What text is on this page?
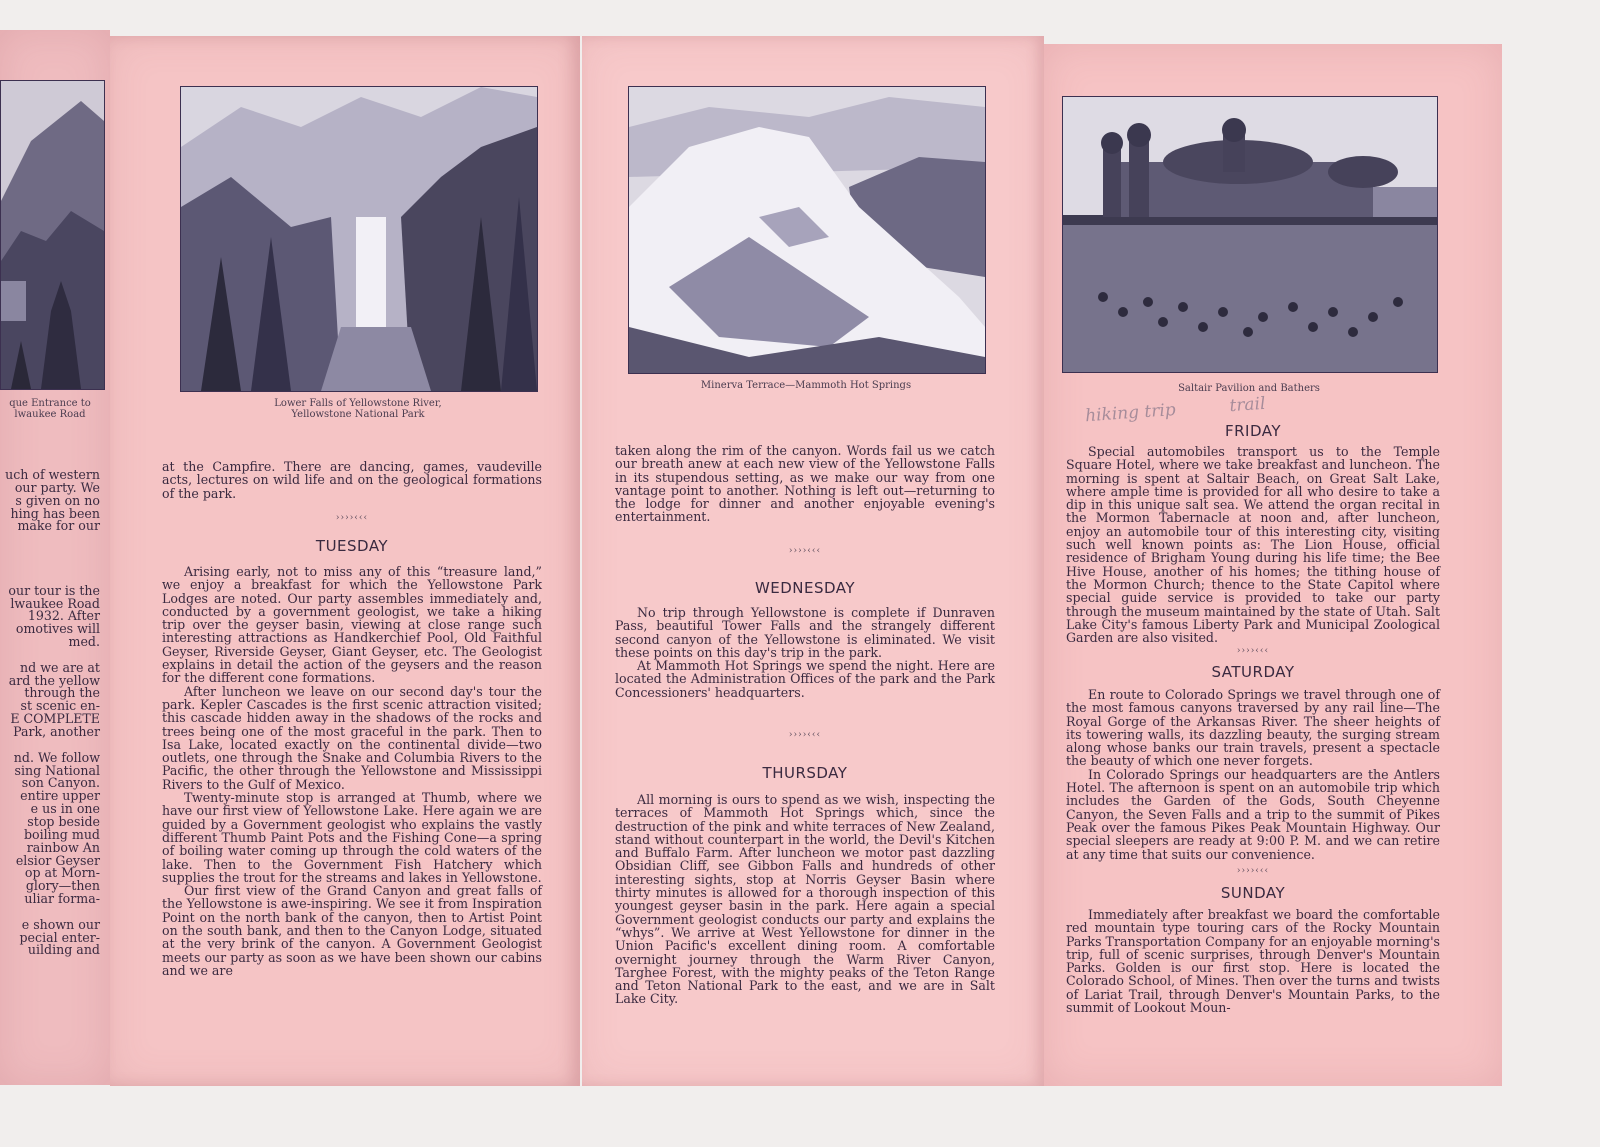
que Entrance to
lwaukee Road
uch of western
our party. We
s given on no
hing has been
make for our
our tour is the
lwaukee Road
1932. After
omotives will
med.
nd we are at
ard the yellow
through the
st scenic en-
E COMPLETE
Park, another
nd. We follow
sing National
son Canyon.
entire upper
e us in one
stop beside
boiling mud
rainbow An
elsior Geyser
op at Morn-
glory—then
uliar forma-
e shown our
pecial enter-
uilding and
Lower Falls of Yellowstone River,
Yellowstone National Park

at the Campfire. There are dancing, games, vaudeville acts, lectures on wild life and on the geological formations of the park.

››››‹‹‹
TUESDAY

Arising early, not to miss any of this “treasure land,” we enjoy a breakfast for which the Yellowstone Park Lodges are noted. Our party assembles immediately and, conducted by a government geologist, we take a hiking trip over the geyser basin, viewing at close range such interesting attractions as Handkerchief Pool, Old Faithful Geyser, Riverside Geyser, Giant Geyser, etc. The Geologist explains in detail the action of the geysers and the reason for the different cone formations.

After luncheon we leave on our second day's tour the park. Kepler Cascades is the first scenic attraction visited; this cascade hidden away in the shadows of the rocks and trees being one of the most graceful in the park. Then to Isa Lake, located exactly on the continental divide—two outlets, one through the Snake and Columbia Rivers to the Pacific, the other through the Yellowstone and Mississippi Rivers to the Gulf of Mexico.

Twenty-minute stop is arranged at Thumb, where we have our first view of Yellowstone Lake. Here again we are guided by a Government geologist who explains the vastly different Thumb Paint Pots and the Fishing Cone—a spring of boiling water coming up through the cold waters of the lake. Then to the Government Fish Hatchery which supplies the trout for the streams and lakes in Yellowstone.

Our first view of the Grand Canyon and great falls of the Yellowstone is awe-inspiring. We see it from Inspiration Point on the north bank of the canyon, then to Artist Point on the south bank, and then to the Canyon Lodge, situated at the very brink of the canyon. A Government Geologist meets our party as soon as we have been shown our cabins and we are

Minerva Terrace—Mammoth Hot Springs

taken along the rim of the canyon. Words fail us we catch our breath anew at each new view of the Yellowstone Falls in its stupendous setting, as we make our way from one vantage point to another. Nothing is left out—returning to the lodge for dinner and another enjoyable evening's entertainment.

››››‹‹‹
WEDNESDAY

No trip through Yellowstone is complete if Dunraven Pass, beautiful Tower Falls and the strangely different second canyon of the Yellowstone is eliminated. We visit these points on this day's trip in the park.

At Mammoth Hot Springs we spend the night. Here are located the Administration Offices of the park and the Park Concessioners' headquarters.

››››‹‹‹
THURSDAY

All morning is ours to spend as we wish, inspecting the terraces of Mammoth Hot Springs which, since the destruction of the pink and white terraces of New Zealand, stand without counterpart in the world, the Devil's Kitchen and Buffalo Farm. After luncheon we motor past dazzling Obsidian Cliff, see Gibbon Falls and hundreds of other interesting sights, stop at Norris Geyser Basin where thirty minutes is allowed for a thorough inspection of this youngest geyser basin in the park. Here again a special Government geologist conducts our party and explains the “whys”. We arrive at West Yellowstone for dinner in the Union Pacific's excellent dining room. A comfortable overnight journey through the Warm River Canyon, Targhee Forest, with the mighty peaks of the Teton Range and Teton National Park to the east, and we are in Salt Lake City.

Saltair Pavilion and Bathers
hiking trip          trail
FRIDAY

Special automobiles transport us to the Temple Square Hotel, where we take breakfast and luncheon. The morning is spent at Saltair Beach, on Great Salt Lake, where ample time is provided for all who desire to take a dip in this unique salt sea. We attend the organ recital in the Mormon Tabernacle at noon and, after luncheon, enjoy an automobile tour of this interesting city, visiting such well known points as: The Lion House, official residence of Brigham Young during his life time; the Bee Hive House, another of his homes; the tithing house of the Mormon Church; thence to the State Capitol where special guide service is provided to take our party through the museum maintained by the state of Utah. Salt Lake City's famous Liberty Park and Municipal Zoological Garden are also visited.

››››‹‹‹
SATURDAY

En route to Colorado Springs we travel through one of the most famous canyons traversed by any rail line—The Royal Gorge of the Arkansas River. The sheer heights of its towering walls, its dazzling beauty, the surging stream along whose banks our train travels, present a spectacle the beauty of which one never forgets.

In Colorado Springs our headquarters are the Antlers Hotel. The afternoon is spent on an automobile trip which includes the Garden of the Gods, South Cheyenne Canyon, the Seven Falls and a trip to the summit of Pikes Peak over the famous Pikes Peak Mountain Highway. Our special sleepers are ready at 9:00 P. M. and we can retire at any time that suits our convenience.

››››‹‹‹
SUNDAY

Immediately after breakfast we board the comfortable red mountain type touring cars of the Rocky Mountain Parks Transportation Company for an enjoyable morning's trip, full of scenic surprises, through Denver's Mountain Parks. Golden is our first stop. Here is located the Colorado School, of Mines. Then over the turns and twists of Lariat Trail, through Denver's Mountain Parks, to the summit of Lookout Moun-
